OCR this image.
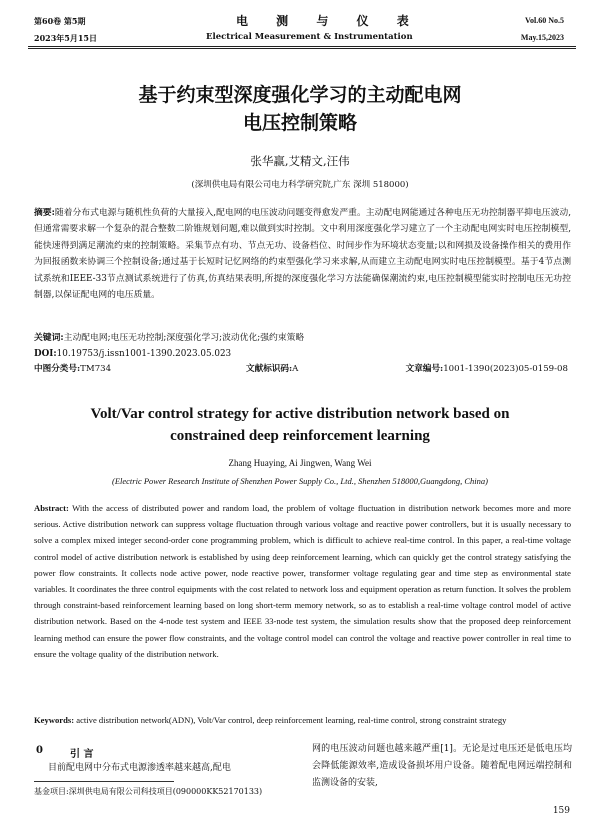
第60卷 第5期
2023年5月15日
电 测 与 仪 表
Electrical Measurement & Instrumentation
Vol.60 No.5
May.15,2023
基于约束型深度强化学习的主动配电网
电压控制策略
张华赢,艾精文,汪伟
(深圳供电局有限公司电力科学研究院,广东 深圳 518000)
摘要:随着分布式电源与随机性负荷的大量接入,配电网的电压波动问题变得愈发严重。主动配电网能通过各种电压无功控制器平抑电压波动,但通常需要求解一个复杂的混合整数二阶锥规划问题,难以做到实时控制。文中利用深度强化学习建立了一个主动配电网实时电压控制模型,能快速得到满足潮流约束的控制策略。采集节点有功、节点无功、设备档位、时间步作为环境状态变量;以和网损及设备操作相关的费用作为回报函数来协调三个控制设备;通过基于长短时记忆网络的约束型强化学习来求解,从而建立主动配电网实时电压控制模型。基于4节点测试系统和IEEE-33节点测试系统进行了仿真,仿真结果表明,所提的深度强化学习方法能确保潮流约束,电压控制模型能实时控制电压无功控制器,以保证配电网的电压质量。
关键词:主动配电网;电压无功控制;深度强化学习;波动优化;强约束策略
DOI:10.19753/j.issn1001-1390.2023.05.023
中图分类号:TM734	文献标识码:A	文章编号:1001-1390(2023)05-0159-08
Volt/Var control strategy for active distribution network based on
constrained deep reinforcement learning
Zhang Huaying, Ai Jingwen, Wang Wei
(Electric Power Research Institute of Shenzhen Power Supply Co., Ltd., Shenzhen 518000,Guangdong, China)
Abstract: With the access of distributed power and random load, the problem of voltage fluctuation in distribution network becomes more and more serious. Active distribution network can suppress voltage fluctuation through various voltage and reactive power controllers, but it is usually necessary to solve a complex mixed integer second-order cone programming problem, which is difficult to achieve real-time control. In this paper, a real-time voltage control model of active distribution network is established by using deep reinforcement learning, which can quickly get the control strategy satisfying the power flow constraints. It collects node active power, node reactive power, transformer voltage regulating gear and time step as environmental state variables. It coordinates the three control equipments with the cost related to network loss and equipment operation as return function. It solves the problem through constraint-based reinforcement learning based on long short-term memory network, so as to establish a real-time voltage control model of active distribution network. Based on the 4-node test system and IEEE 33-node test system, the simulation results show that the proposed deep reinforcement learning method can ensure the power flow constraints, and the voltage control model can control the voltage and reactive power controller in real time to ensure the voltage quality of the distribution network.
Keywords: active distribution network(ADN), Volt/Var control, deep reinforcement learning, real-time control, strong constraint strategy
0	引 言
目前配电网中分布式电源渗透率越来越高,配电
网的电压波动问题也越来越严重[1]。无论是过电压还是低电压均会降低能源效率,造成设备损坏用户设备。随着配电网远端控制和监测设备的安装,
基金项目:深圳供电局有限公司科技项目(090000KK52170133)
159
